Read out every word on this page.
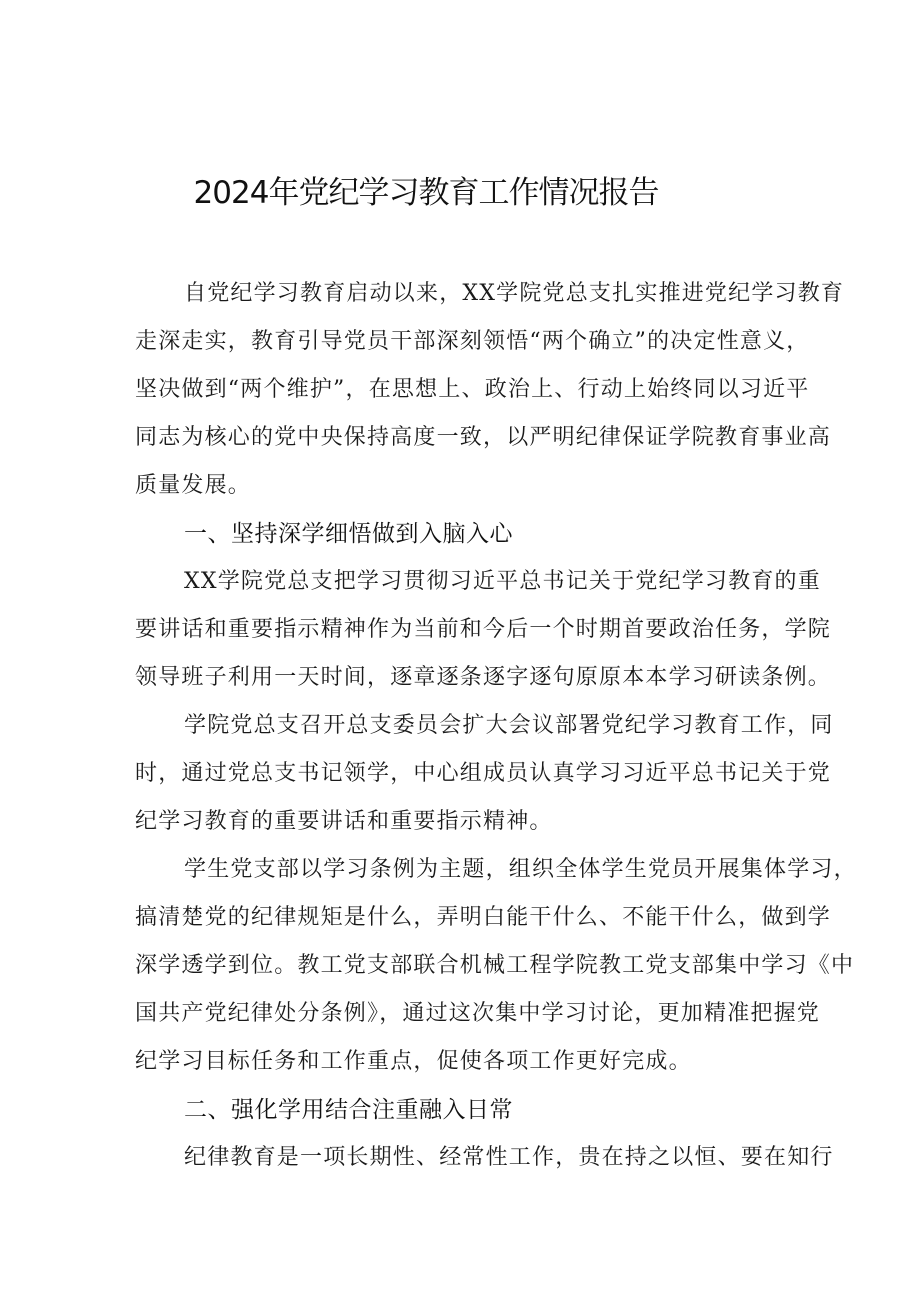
2024年党纪学习教育工作情况报告
自党纪学习教育启动以来，XX学院党总支扎实推进党纪学习教育
走深走实，教育引导党员干部深刻领悟“两个确立”的决定性意义，
坚决做到“两个维护”，在思想上、政治上、行动上始终同以习近平
同志为核心的党中央保持高度一致，以严明纪律保证学院教育事业高
质量发展。
一、坚持深学细悟做到入脑入心
XX学院党总支把学习贯彻习近平总书记关于党纪学习教育的重
要讲话和重要指示精神作为当前和今后一个时期首要政治任务，学院
领导班子利用一天时间，逐章逐条逐字逐句原原本本学习研读条例。
学院党总支召开总支委员会扩大会议部署党纪学习教育工作，同
时，通过党总支书记领学，中心组成员认真学习习近平总书记关于党
纪学习教育的重要讲话和重要指示精神。
学生党支部以学习条例为主题，组织全体学生党员开展集体学习，
搞清楚党的纪律规矩是什么，弄明白能干什么、不能干什么，做到学
深学透学到位。教工党支部联合机械工程学院教工党支部集中学习《中
国共产党纪律处分条例》，通过这次集中学习讨论，更加精准把握党
纪学习目标任务和工作重点，促使各项工作更好完成。
二、强化学用结合注重融入日常
纪律教育是一项长期性、经常性工作，贵在持之以恒、要在知行
